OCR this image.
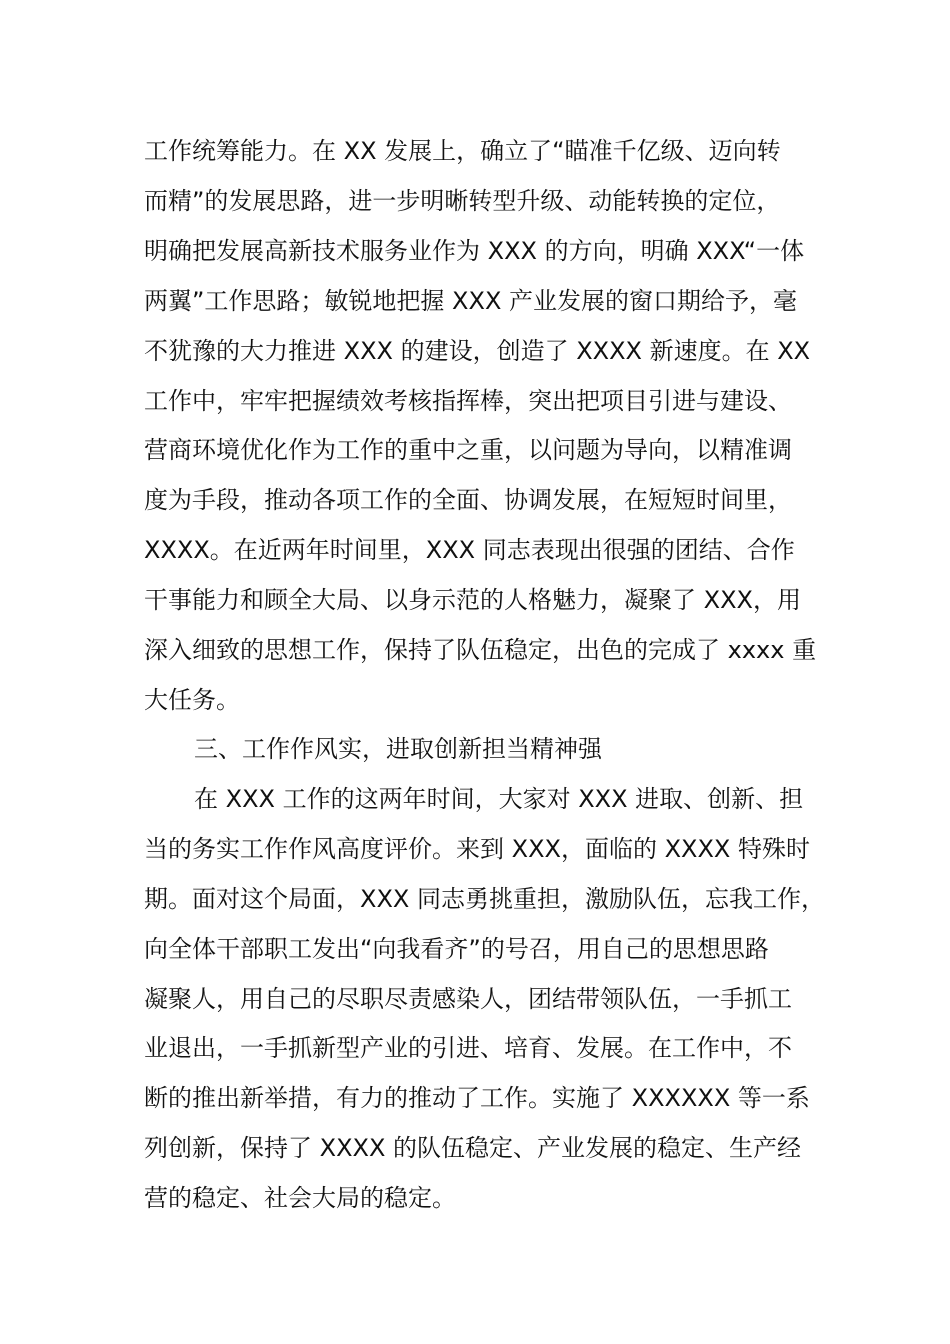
工作统筹能力。在 XX 发展上，确立了“瞄准千亿级、迈向转
而精”的发展思路，进一步明晰转型升级、动能转换的定位，
明确把发展高新技术服务业作为 XXX 的方向，明确 XXX“一体
两翼”工作思路；敏锐地把握 XXX 产业发展的窗口期给予，毫
不犹豫的大力推进 XXX 的建设，创造了 XXXX 新速度。在 XX
工作中，牢牢把握绩效考核指挥棒，突出把项目引进与建设、
营商环境优化作为工作的重中之重，以问题为导向，以精准调
度为手段，推动各项工作的全面、协调发展，在短短时间里，
XXXX。在近两年时间里，XXX 同志表现出很强的团结、合作
干事能力和顾全大局、以身示范的人格魅力，凝聚了 XXX，用
深入细致的思想工作，保持了队伍稳定，出色的完成了 xxxx 重
大任务。
三、工作作风实，进取创新担当精神强
在 XXX 工作的这两年时间，大家对 XXX 进取、创新、担
当的务实工作作风高度评价。来到 XXX，面临的 XXXX 特殊时
期。面对这个局面，XXX 同志勇挑重担，激励队伍，忘我工作，
向全体干部职工发出“向我看齐”的号召，用自己的思想思路
凝聚人，用自己的尽职尽责感染人，团结带领队伍，一手抓工
业退出，一手抓新型产业的引进、培育、发展。在工作中，不
断的推出新举措，有力的推动了工作。实施了 XXXXXX 等一系
列创新，保持了 XXXX 的队伍稳定、产业发展的稳定、生产经
营的稳定、社会大局的稳定。
